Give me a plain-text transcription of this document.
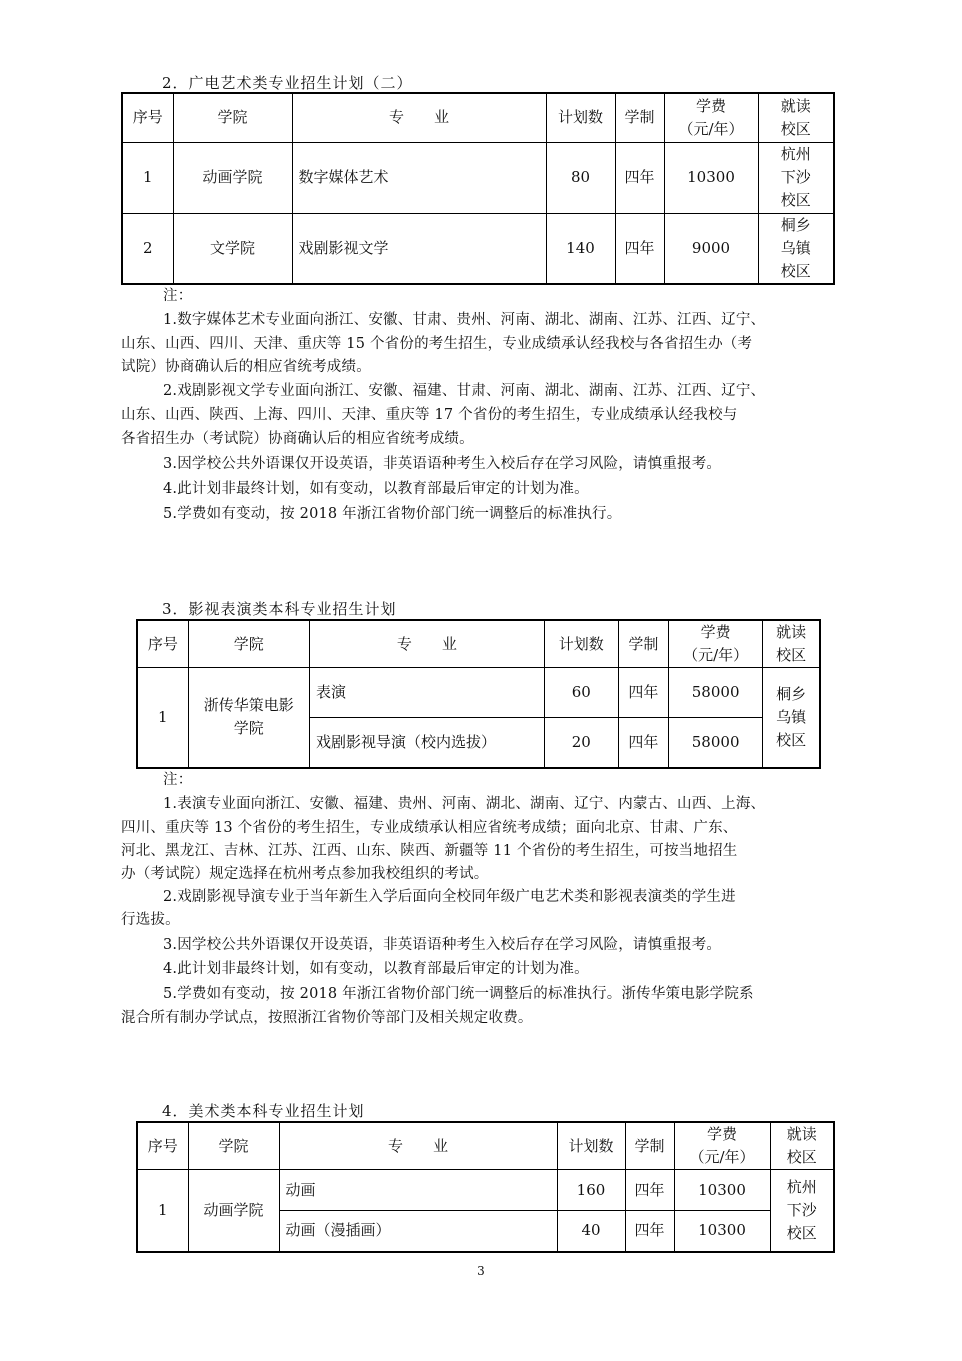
2．广电艺术类专业招生计划（二）
序号	学院	专　　业	计划数	学制	学费
（元/年）	就读
校区
1	动画学院	数字媒体艺术	80	四年	10300	杭州
下沙
校区
2	文学院	戏剧影视文学	140	四年	9000	桐乡
乌镇
校区
注：
1.数字媒体艺术专业面向浙江、安徽、甘肃、贵州、河南、湖北、湖南、江苏、江西、辽宁、
山东、山西、四川、天津、重庆等 15 个省份的考生招生，专业成绩承认经我校与各省招生办（考
试院）协商确认后的相应省统考成绩。
2.戏剧影视文学专业面向浙江、安徽、福建、甘肃、河南、湖北、湖南、江苏、江西、辽宁、
山东、山西、陕西、上海、四川、天津、重庆等 17 个省份的考生招生，专业成绩承认经我校与
各省招生办（考试院）协商确认后的相应省统考成绩。
3.因学校公共外语课仅开设英语，非英语语种考生入校后存在学习风险，请慎重报考。
4.此计划非最终计划，如有变动，以教育部最后审定的计划为准。
5.学费如有变动，按 2018 年浙江省物价部门统一调整后的标准执行。
3．影视表演类本科专业招生计划
序号	学院	专　　业	计划数	学制	学费
（元/年）	就读
校区
1	浙传华策电影
学院	表演	60	四年	58000	桐乡
乌镇
校区
		戏剧影视导演（校内选拔）	20	四年	58000	
注：
1.表演专业面向浙江、安徽、福建、贵州、河南、湖北、湖南、辽宁、内蒙古、山西、上海、
四川、重庆等 13 个省份的考生招生，专业成绩承认相应省统考成绩；面向北京、甘肃、广东、
河北、黑龙江、吉林、江苏、江西、山东、陕西、新疆等 11 个省份的考生招生，可按当地招生
办（考试院）规定选择在杭州考点参加我校组织的考试。
2.戏剧影视导演专业于当年新生入学后面向全校同年级广电艺术类和影视表演类的学生进
行选拔。
3.因学校公共外语课仅开设英语，非英语语种考生入校后存在学习风险，请慎重报考。
4.此计划非最终计划，如有变动，以教育部最后审定的计划为准。
5.学费如有变动，按 2018 年浙江省物价部门统一调整后的标准执行。浙传华策电影学院系
混合所有制办学试点，按照浙江省物价等部门及相关规定收费。
4．美术类本科专业招生计划
序号	学院	专　　业	计划数	学制	学费
（元/年）	就读
校区
1	动画学院	动画	160	四年	10300	杭州
下沙
校区
		动画（漫插画）	40	四年	10300	
3
